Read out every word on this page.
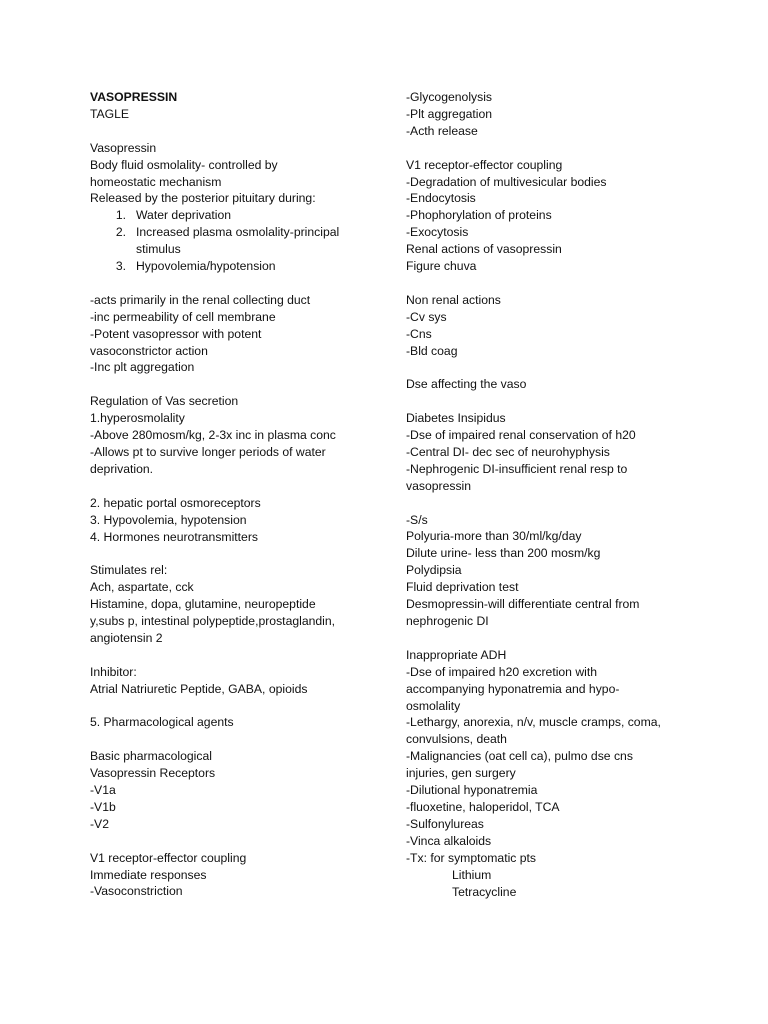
VASOPRESSIN
TAGLE
Vasopressin
Body fluid osmolality- controlled by
homeostatic mechanism
Released by the posterior pituitary during:
1. Water deprivation
2. Increased plasma osmolality-principal
stimulus
3. Hypovolemia/hypotension
-acts primarily in the renal collecting duct
-inc permeability of cell membrane
-Potent vasopressor with potent
vasoconstrictor action
-Inc plt aggregation
Regulation of Vas secretion
1.hyperosmolality
-Above 280mosm/kg, 2-3x inc in plasma conc
-Allows pt to survive longer periods of water
deprivation.
2. hepatic portal osmoreceptors
3. Hypovolemia, hypotension
4. Hormones neurotransmitters
Stimulates rel:
Ach, aspartate, cck
Histamine, dopa, glutamine, neuropeptide
y,subs p, intestinal polypeptide,prostaglandin,
angiotensin 2
Inhibitor:
Atrial Natriuretic Peptide, GABA, opioids
5. Pharmacological agents
Basic pharmacological
Vasopressin Receptors
-V1a
-V1b
-V2
V1 receptor-effector coupling
Immediate responses
-Vasoconstriction
-Glycogenolysis
-Plt aggregation
-Acth release
V1 receptor-effector coupling
-Degradation of multivesicular bodies
-Endocytosis
-Phophorylation of proteins
-Exocytosis
Renal actions of vasopressin
Figure chuva
Non renal actions
-Cv sys
-Cns
-Bld coag
Dse affecting the vaso
Diabetes Insipidus
-Dse of impaired renal conservation of h20
-Central DI- dec sec of neurohyphysis
-Nephrogenic DI-insufficient renal resp to
vasopressin
-S/s
Polyuria-more than 30/ml/kg/day
Dilute urine- less than 200 mosm/kg
Polydipsia
Fluid deprivation test
Desmopressin-will differentiate central from
nephrogenic DI
Inappropriate ADH
-Dse of impaired h20 excretion with
accompanying hyponatremia and hypo-
osmolality
-Lethargy, anorexia, n/v, muscle cramps, coma,
convulsions, death
-Malignancies (oat cell ca), pulmo dse cns
injuries, gen surgery
-Dilutional hyponatremia
-fluoxetine, haloperidol, TCA
-Sulfonylureas
-Vinca alkaloids
-Tx: for symptomatic pts
Lithium
Tetracycline
